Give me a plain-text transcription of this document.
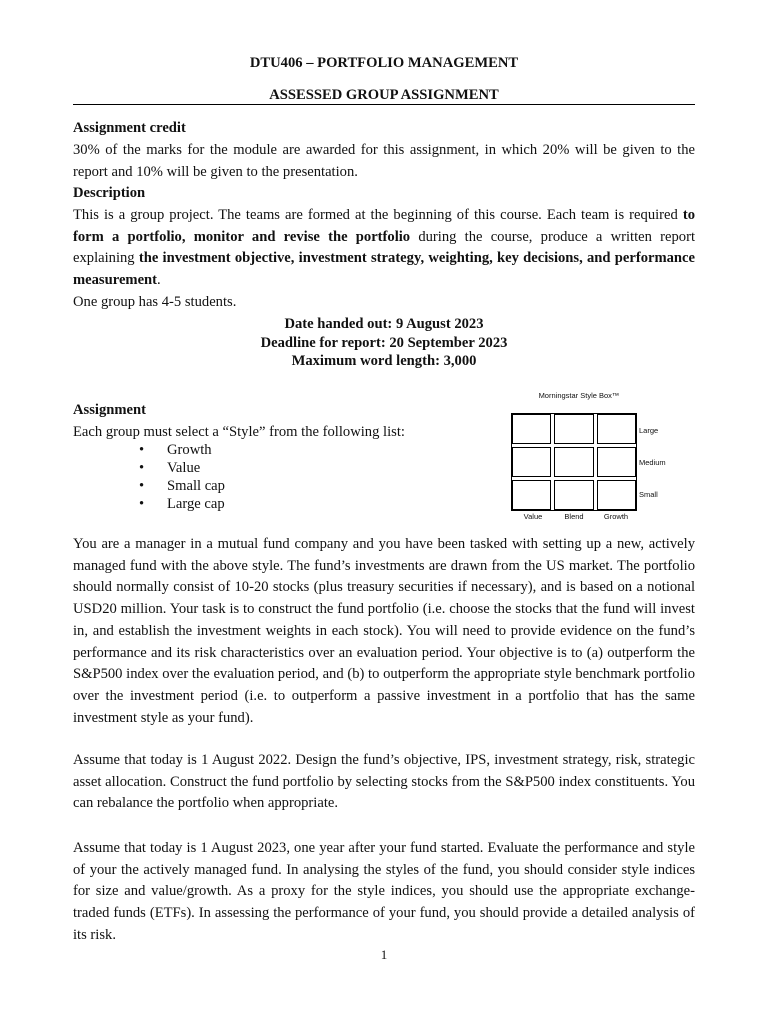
DTU406 – PORTFOLIO MANAGEMENT
ASSESSED GROUP ASSIGNMENT
Assignment credit
30% of the marks for the module are awarded for this assignment, in which 20% will be given to the report and 10% will be given to the presentation.
Description
This is a group project. The teams are formed at the beginning of this course. Each team is required to form a portfolio, monitor and revise the portfolio during the course, produce a written report explaining the investment objective, investment strategy, weighting, key decisions, and performance measurement.
One group has 4-5 students.
Date handed out: 9 August 2023
Deadline for report: 20 September 2023
Maximum word length: 3,000
Assignment
Each group must select a “Style” from the following list:
• Growth
• Value
• Small cap
• Large cap
Morningstar Style Box™
Large
Medium
Small
Value	Blend	Growth
You are a manager in a mutual fund company and you have been tasked with setting up a new, actively managed fund with the above style. The fund’s investments are drawn from the US market. The portfolio should normally consist of 10-20 stocks (plus treasury securities if necessary), and is based on a notional USD20 million. Your task is to construct the fund portfolio (i.e. choose the stocks that the fund will invest in, and establish the investment weights in each stock). You will need to provide evidence on the fund’s performance and its risk characteristics over an evaluation period. Your objective is to (a) outperform the S&P500 index over the evaluation period, and (b) to outperform the appropriate style benchmark portfolio over the investment period (i.e. to outperform a passive investment in a portfolio that has the same investment style as your fund).
Assume that today is 1 August 2022. Design the fund’s objective, IPS, investment strategy, risk, strategic asset allocation. Construct the fund portfolio by selecting stocks from the S&P500 index constituents. You can rebalance the portfolio when appropriate.
Assume that today is 1 August 2023, one year after your fund started. Evaluate the performance and style of your the actively managed fund. In analysing the styles of the fund, you should consider style indices for size and value/growth. As a proxy for the style indices, you should use the appropriate exchange-traded funds (ETFs). In assessing the performance of your fund, you should provide a detailed analysis of its risk.
1
